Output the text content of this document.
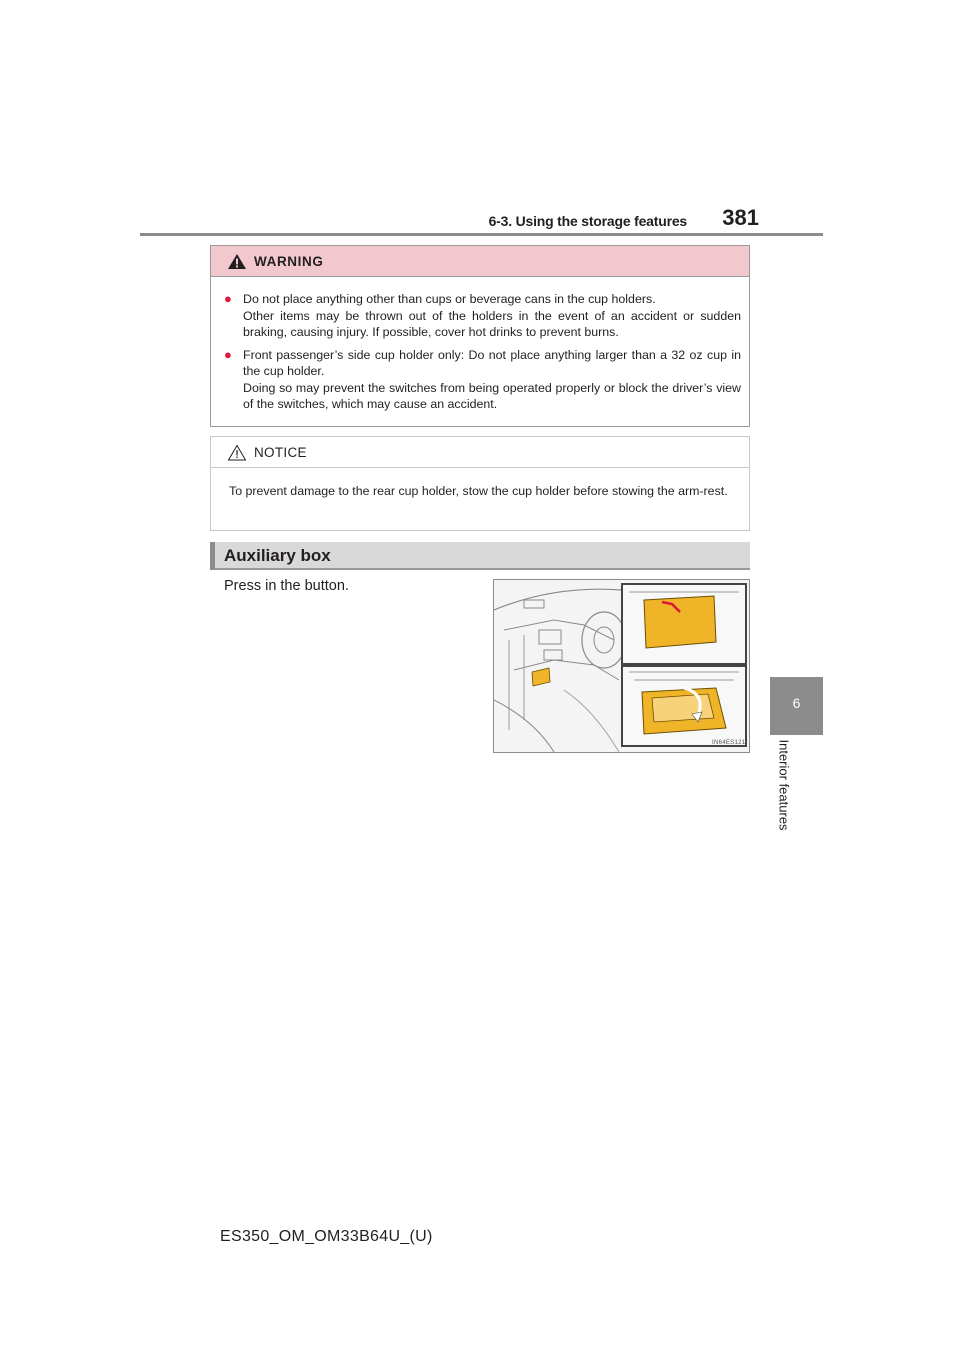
6-3. Using the storage features 381
6
Interior features
WARNING
● Do not place anything other than cups or beverage cans in the cup holders.

Other items may be thrown out of the holders in the event of an accident or sudden braking, causing injury. If possible, cover hot drinks to prevent burns.

● Front passenger’s side cup holder only: Do not place anything larger than a 32 oz cup in the cup holder.

Doing so may prevent the switches from being operated properly or block the driver’s view of the switches, which may cause an accident.

NOTICE
To prevent damage to the rear cup holder, stow the cup holder before stowing the arm-rest.
Auxiliary box
Press in the button.
IN64ES121
ES350_OM_OM33B64U_(U)
